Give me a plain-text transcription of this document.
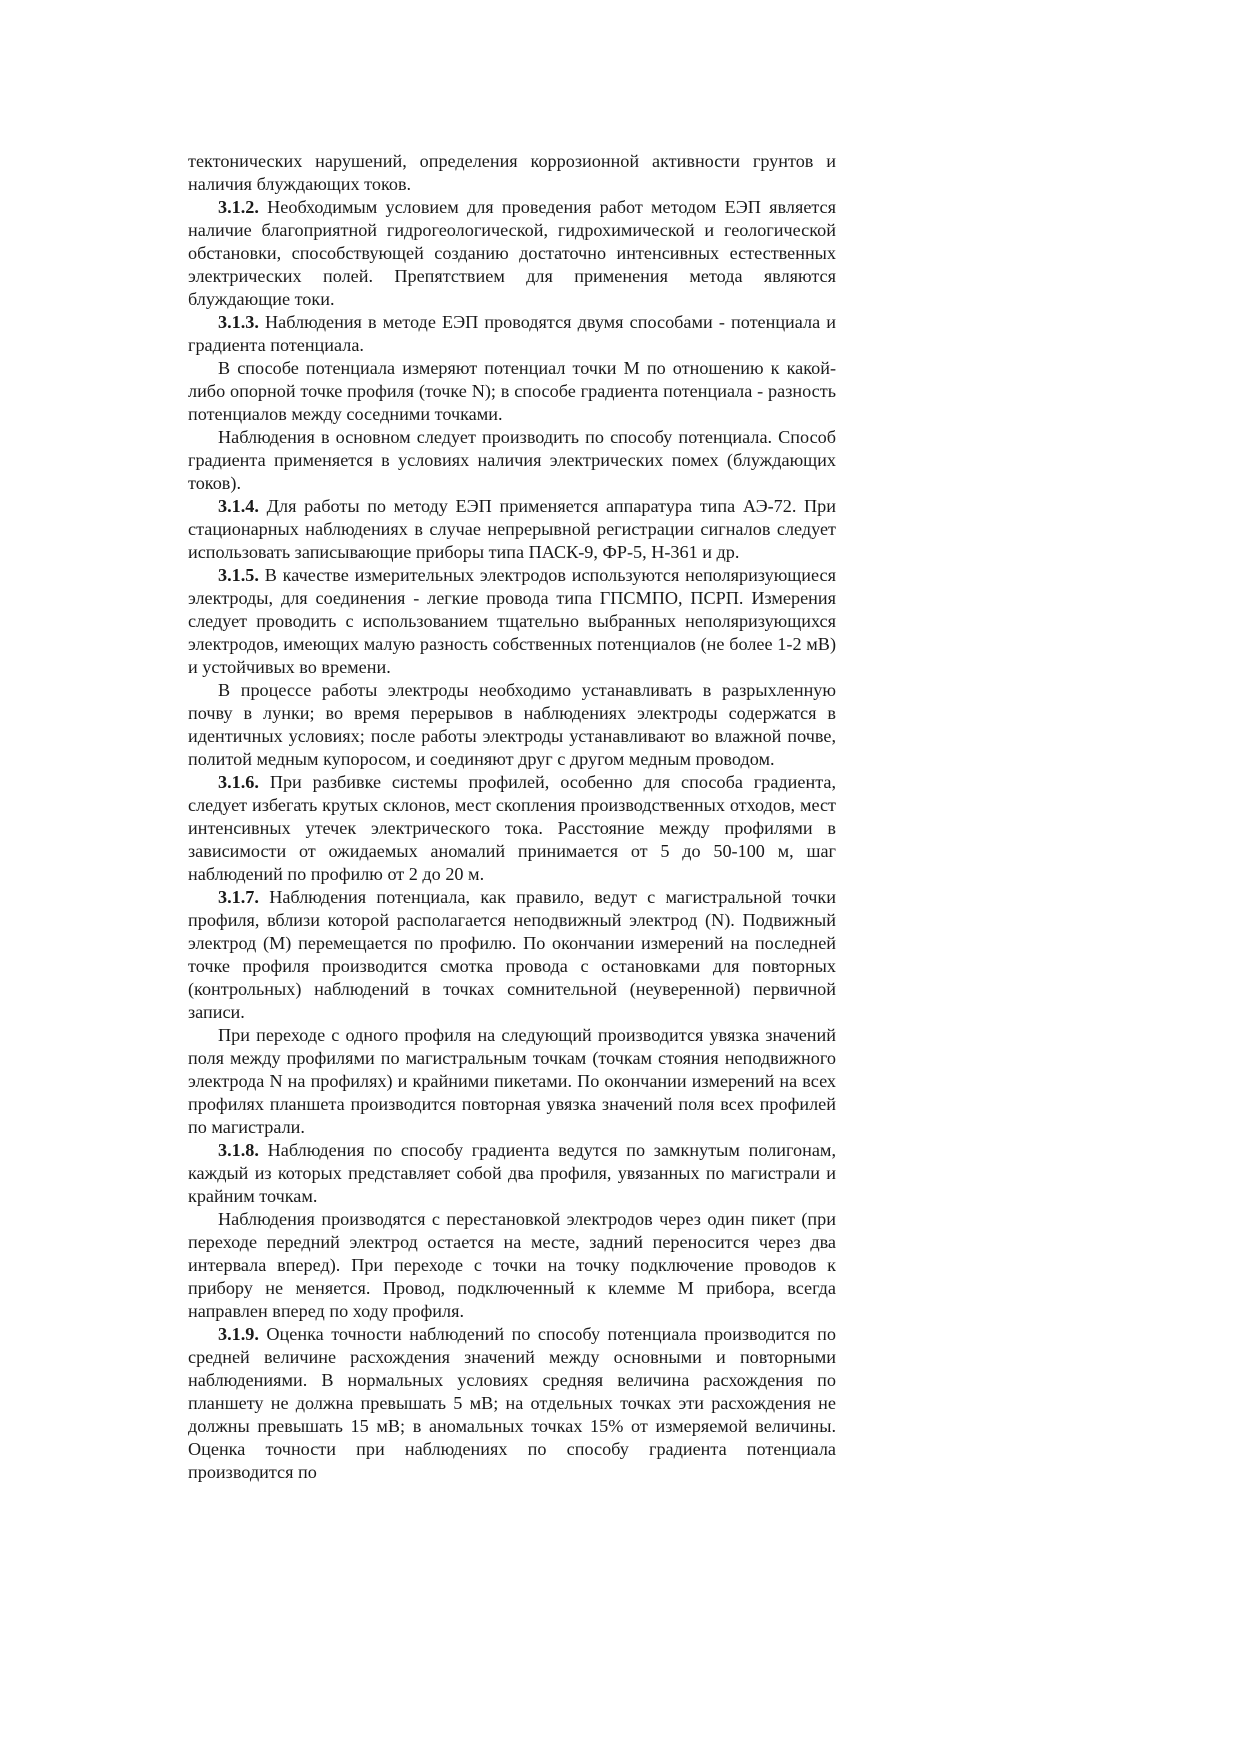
тектонических нарушений, определения коррозионной активности грунтов и наличия блуждающих токов.

3.1.2. Необходимым условием для проведения работ методом ЕЭП является наличие благоприятной гидрогеологической, гидрохимической и геологической обстановки, способствующей созданию достаточно интенсивных естественных электрических полей. Препятствием для применения метода являются блуждающие токи.

3.1.3. Наблюдения в методе ЕЭП проводятся двумя способами - потенциала и градиента потенциала.

В способе потенциала измеряют потенциал точки М по отношению к какой-либо опорной точке профиля (точке N); в способе градиента потенциала - разность потенциалов между соседними точками.

Наблюдения в основном следует производить по способу потенциала. Способ градиента применяется в условиях наличия электрических помех (блуждающих токов).

3.1.4. Для работы по методу ЕЭП применяется аппаратура типа АЭ-72. При стационарных наблюдениях в случае непрерывной регистрации сигналов следует использовать записывающие приборы типа ПАСК-9, ФР-5, Н-361 и др.

3.1.5. В качестве измерительных электродов используются неполяризующиеся электроды, для соединения - легкие провода типа ГПСМПО, ПСРП. Измерения следует проводить с использованием тщательно выбранных неполяризующихся электродов, имеющих малую разность собственных потенциалов (не более 1-2 мВ) и устойчивых во времени.

В процессе работы электроды необходимо устанавливать в разрыхленную почву в лунки; во время перерывов в наблюдениях электроды содержатся в идентичных условиях; после работы электроды устанавливают во влажной почве, политой медным купоросом, и соединяют друг с другом медным проводом.

3.1.6. При разбивке системы профилей, особенно для способа градиента, следует избегать крутых склонов, мест скопления производственных отходов, мест интенсивных утечек электрического тока. Расстояние между профилями в зависимости от ожидаемых аномалий принимается от 5 до 50-100 м, шаг наблюдений по профилю от 2 до 20 м.

3.1.7. Наблюдения потенциала, как правило, ведут с магистральной точки профиля, вблизи которой располагается неподвижный электрод (N). Подвижный электрод (М) перемещается по профилю. По окончании измерений на последней точке профиля производится смотка провода с остановками для повторных (контрольных) наблюдений в точках сомнительной (неуверенной) первичной записи.

При переходе с одного профиля на следующий производится увязка значений поля между профилями по магистральным точкам (точкам стояния неподвижного электрода N на профилях) и крайними пикетами. По окончании измерений на всех профилях планшета производится повторная увязка значений поля всех профилей по магистрали.

3.1.8. Наблюдения по способу градиента ведутся по замкнутым полигонам, каждый из которых представляет собой два профиля, увязанных по магистрали и крайним точкам.

Наблюдения производятся с перестановкой электродов через один пикет (при переходе передний электрод остается на месте, задний переносится через два интервала вперед). При переходе с точки на точку подключение проводов к прибору не меняется. Провод, подключенный к клемме М прибора, всегда направлен вперед по ходу профиля.

3.1.9. Оценка точности наблюдений по способу потенциала производится по средней величине расхождения значений между основными и повторными наблюдениями. В нормальных условиях средняя величина расхождения по планшету не должна превышать 5 мВ; на отдельных точках эти расхождения не должны превышать 15 мВ; в аномальных точках 15% от измеряемой величины. Оценка точности при наблюдениях по способу градиента потенциала производится по
